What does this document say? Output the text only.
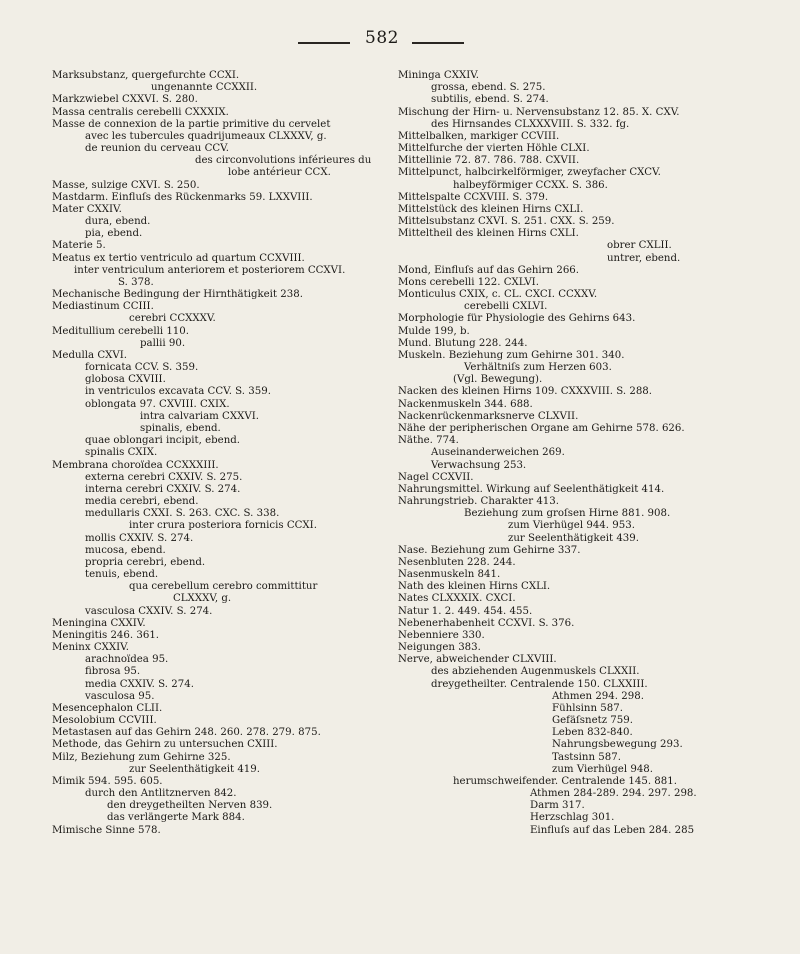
582
Marksubstanz, quergefurchte CCXI.
ungenannte CCXXII.
Markzwiebel CXXVI. S. 280.
Massa centralis cerebelli CXXXIX.
Masse de connexion de la partie primitive du cervelet
avec les tubercules quadrijumeaux CLXXXV, g.
de reunion du cerveau CCV.
des circonvolutions inférieures du
lobe antérieur CCX.
Masse, sulzige CXVI. S. 250.
Mastdarm. Einfluſs des Rückenmarks 59. LXXVIII.
Mater CXXIV.
dura, ebend.
pia, ebend.
Materie 5.
Meatus ex tertio ventriculo ad quartum CCXVIII.
inter ventriculum anteriorem et posteriorem CCXVI.
S. 378.
Mechanische Bedingung der Hirnthätigkeit 238.
Mediastinum CCIII.
cerebri CCXXXV.
Meditullium cerebelli 110.
pallii 90.
Medulla CXVI.
fornicata CCV. S. 359.
globosa CXVIII.
in ventriculos excavata CCV. S. 359.
oblongata 97. CXVIII. CXIX.
intra calvariam CXXVI.
spinalis, ebend.
quae oblongari incipit, ebend.
spinalis CXIX.
Membrana choroïdea CCXXXIII.
externa cerebri CXXIV. S. 275.
interna cerebri CXXIV. S. 274.
media cerebri, ebend.
medullaris CXXI. S. 263. CXC. S. 338.
inter crura posteriora fornicis CCXI.
mollis CXXIV. S. 274.
mucosa, ebend.
propria cerebri, ebend.
tenuis, ebend.
qua cerebellum cerebro committitur
CLXXXV, g.
vasculosa CXXIV. S. 274.
Meningina CXXIV.
Meningitis 246. 361.
Meninx CXXIV.
arachnoïdea 95.
fibrosa 95.
media CXXIV. S. 274.
vasculosa 95.
Mesencephalon CLII.
Mesolobium CCVIII.
Metastasen auf das Gehirn 248. 260. 278. 279. 875.
Methode, das Gehirn zu untersuchen CXIII.
Milz, Beziehung zum Gehirne 325.
zur Seelenthätigkeit 419.
Mimik 594. 595. 605.
durch den Antlitznerven 842.
den dreygetheilten Nerven 839.
das verlängerte Mark 884.
Mimische Sinne 578.
Mininga CXXIV.
grossa, ebend. S. 275.
subtilis, ebend. S. 274.
Mischung der Hirn- u. Nervensubstanz 12. 85. X. CXV.
des Hirnsandes CLXXXVIII. S. 332. fg.
Mittelbalken, markiger CCVIII.
Mittelfurche der vierten Höhle CLXI.
Mittellinie 72. 87. 786. 788. CXVII.
Mittelpunct, halbcirkelförmiger, zweyfacher CXCV.
halbeyförmiger CCXX. S. 386.
Mittelspalte CCXVIII. S. 379.
Mittelstück des kleinen Hirns CXLI.
Mittelsubstanz CXVI. S. 251. CXX. S. 259.
Mitteltheil des kleinen Hirns CXLI.
obrer CXLII.
untrer, ebend.
Mond, Einfluſs auf das Gehirn 266.
Mons cerebelli 122. CXLVI.
Monticulus CXIX, c. CL. CXCI. CCXXV.
cerebelli CXLVI.
Morphologie für Physiologie des Gehirns 643.
Mulde 199, b.
Mund. Blutung 228. 244.
Muskeln. Beziehung zum Gehirne 301. 340.
Verhältniſs zum Herzen 603.
(Vgl. Bewegung).
Nacken des kleinen Hirns 109. CXXXVIII. S. 288.
Nackenmuskeln 344. 688.
Nackenrückenmarksnerve CLXVII.
Nähe der peripherischen Organe am Gehirne 578. 626.
Näthe. 774.
Auseinanderweichen 269.
Verwachsung 253.
Nagel CCXVII.
Nahrungsmittel. Wirkung auf Seelenthätigkeit 414.
Nahrungstrieb. Charakter 413.
Beziehung zum groſsen Hirne 881. 908.
zum Vierhügel 944. 953.
zur Seelenthätigkeit 439.
Nase. Beziehung zum Gehirne 337.
Nesenbluten 228. 244.
Nasenmuskeln 841.
Nath des kleinen Hirns CXLI.
Nates CLXXXIX. CXCI.
Natur 1. 2. 449. 454. 455.
Nebenerhabenheit CCXVI. S. 376.
Nebenniere 330.
Neigungen 383.
Nerve, abweichender CLXVIII.
des abziehenden Augenmuskels CLXXII.
dreygetheilter. Centralende 150. CLXXIII.
Athmen 294. 298.
Fühlsinn 587.
Gefäſsnetz 759.
Leben 832-840.
Nahrungsbewegung 293.
Tastsinn 587.
zum Vierhügel 948.
herumschweifender. Centralende 145. 881.
Athmen 284-289. 294. 297. 298.
Darm 317.
Herzschlag 301.
Einfluſs auf das Leben 284. 285
